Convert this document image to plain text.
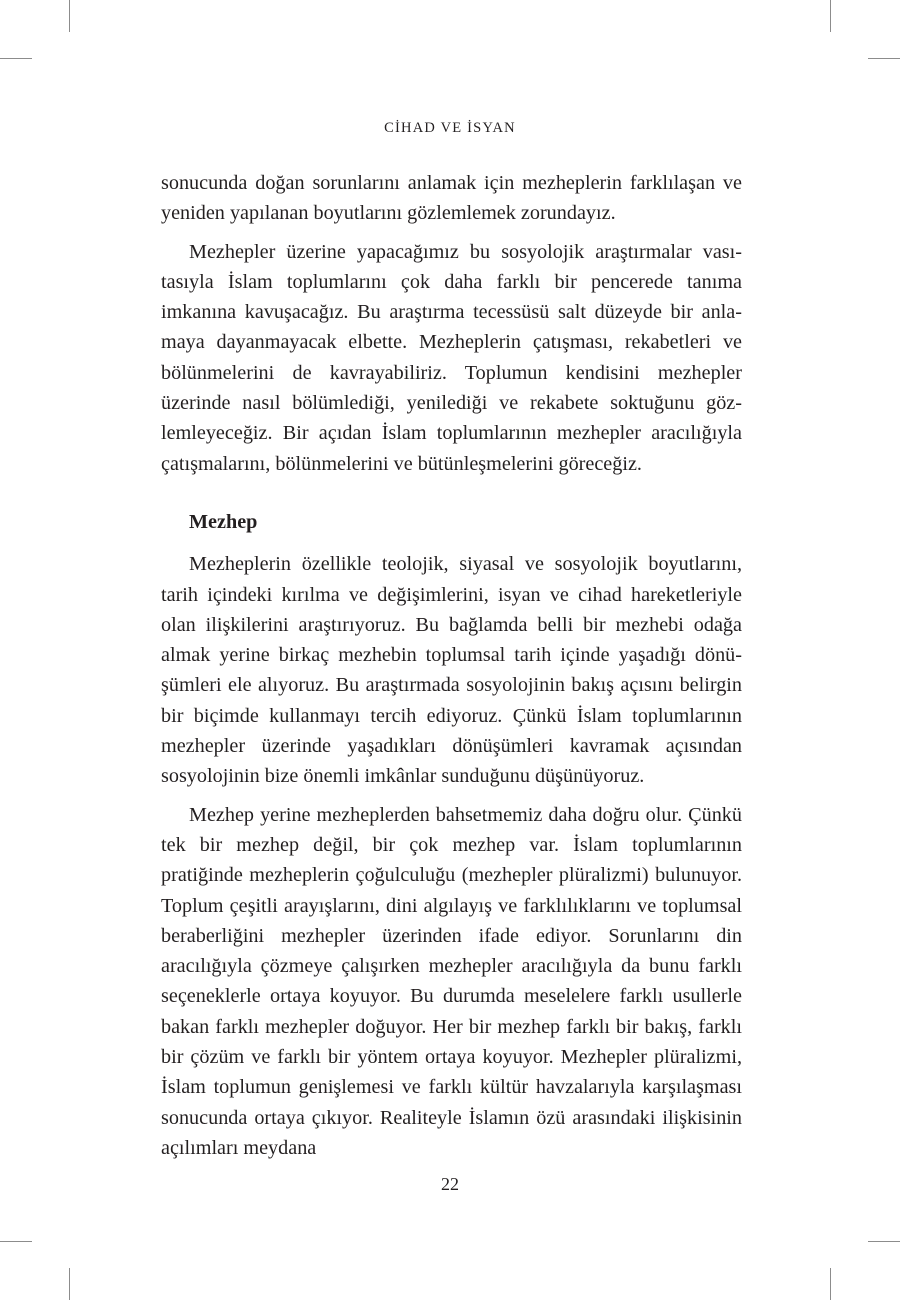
CİHAD VE İSYAN

sonucunda doğan sorunlarını anlamak için mezheplerin farklılaşan ve yeniden yapılanan boyutlarını gözlemlemek zorundayız.

Mezhepler üzerine yapacağımız bu sosyolojik araştırmalar vasıtasıyla İslam toplumlarını çok daha farklı bir pencerede tanıma imkanına kavuşacağız. Bu araştırma tecessüsü salt düzeyde bir anlamaya dayanmayacak elbette. Mezheplerin çatışması, rekabetleri ve bölünmelerini de kavrayabiliriz. Toplumun kendisini mezhepler üzerinde nasıl bölümlediği, yenilediği ve rekabete soktuğunu gözlemleyeceğiz. Bir açıdan İslam toplumlarının mezhepler aracılığıyla çatışmalarını, bölünmelerini ve bütünleşmelerini göreceğiz.

Mezhep

Mezheplerin özellikle teolojik, siyasal ve sosyolojik boyutlarını, tarih içindeki kırılma ve değişimlerini, isyan ve cihad hareketleriyle olan ilişkilerini araştırıyoruz. Bu bağlamda belli bir mezhebi odağa almak yerine birkaç mezhebin toplumsal tarih içinde yaşadığı dönüşümleri ele alıyoruz. Bu araştırmada sosyolojinin bakış açısını belirgin bir biçimde kullanmayı tercih ediyoruz. Çünkü İslam toplumlarının mezhepler üzerinde yaşadıkları dönüşümleri kavramak açısından sosyolojinin bize önemli imkânlar sunduğunu düşünüyoruz.

Mezhep yerine mezheplerden bahsetmemiz daha doğru olur. Çünkü tek bir mezhep değil, bir çok mezhep var. İslam toplumlarının pratiğinde mezheplerin çoğulculuğu (mezhepler plüralizmi) bulunuyor. Toplum çeşitli arayışlarını, dini algılayış ve farklılıklarını ve toplumsal beraberliğini mezhepler üzerinden ifade ediyor. Sorunlarını din aracılığıyla çözmeye çalışırken mezhepler aracılığıyla da bunu farklı seçeneklerle ortaya koyuyor. Bu durumda meselelere farklı usullerle bakan farklı mezhepler doğuyor. Her bir mezhep farklı bir bakış, farklı bir çözüm ve farklı bir yöntem ortaya koyuyor. Mezhepler plüralizmi, İslam toplumun genişlemesi ve farklı kültür havzalarıyla karşılaşması sonucunda ortaya çıkıyor. Realiteyle İslamın özü arasındaki ilişkisinin açılımları meydana

22
